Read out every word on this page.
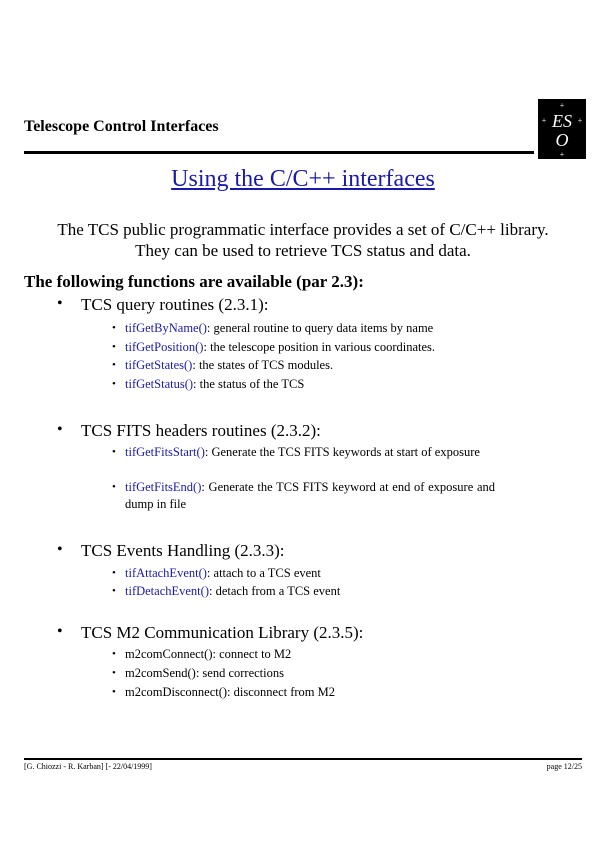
Telescope Control Interfaces	ES
O
+
+	+
+
Using the C/C++ interfaces
The TCS public programmatic interface provides a set of C/C++ library.
They can be used to retrieve TCS status and data.
The following functions are available (par 2.3):
• TCS query routines (2.3.1):
• tifGetByName(): general routine to query data items by name
• tifGetPosition(): the telescope position in various coordinates.
• tifGetStates(): the states of TCS modules.
• tifGetStatus(): the status of the TCS
• TCS FITS headers routines (2.3.2):
• tifGetFitsStart(): Generate the TCS FITS keywords at start of exposure
• tifGetFitsEnd(): Generate the TCS FITS keyword at end of exposure and dump in file
• TCS Events Handling (2.3.3):
• tifAttachEvent(): attach to a TCS event
• tifDetachEvent(): detach from a TCS event
• TCS M2 Communication Library (2.3.5):
• m2comConnect(): connect to M2
• m2comSend(): send corrections
• m2comDisconnect(): disconnect from M2
[G. Chiozzi - R. Karban] [- 22/04/1999]	page 12/25
